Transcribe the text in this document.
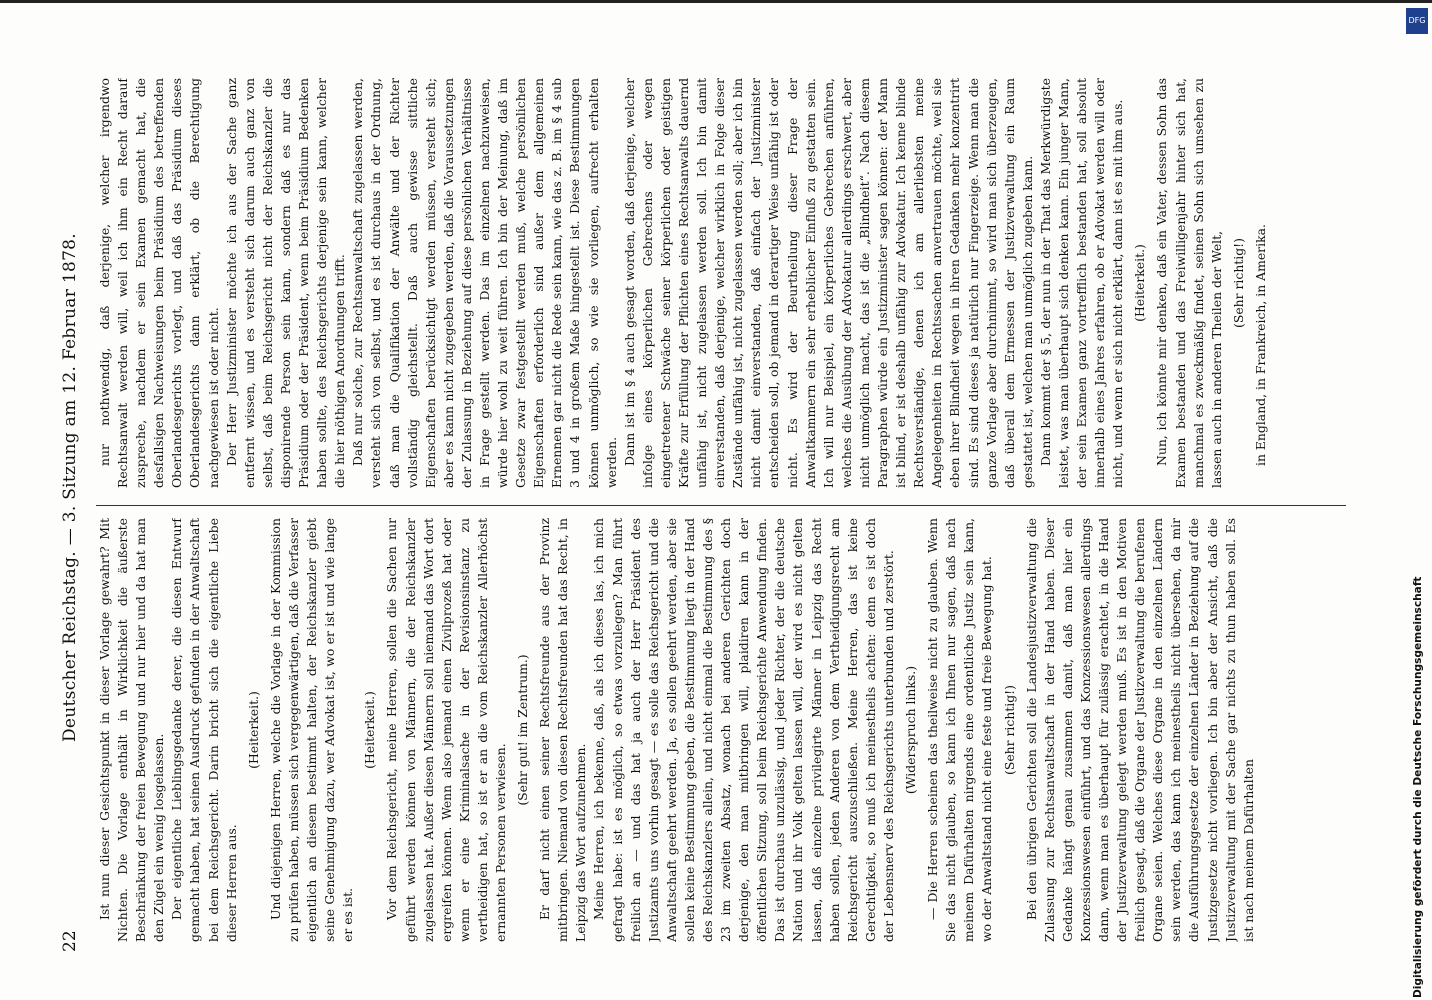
22
Deutscher Reichstag. — 3. Sitzung am 12. Februar 1878. Ist nun dieser Gesichtspunkt in dieser Vorlage gewahrt? Mit Nichten. Die Vorlage enthält in Wirklichkeit die äußerste Beschränkung der freien Bewegung und nur hier und da hat man den Zügel ein wenig losgelassen. Der eigentliche Lieblingsgedanke derer, die diesen Entwurf gemacht haben, hat seinen Ausdruck gefunden in der Anwaltschaft bei dem Reichsgericht. Darin bricht sich die eigentliche Liebe dieser Herren aus.

(Heiterkeit.) Und diejenigen Herren, welche die Vorlage in der Kommission zu prüfen haben, müssen sich vergegenwärtigen, daß die Verfasser eigentlich an diesem bestimmt halten, der Reichskanzler giebt seine Genehmigung dazu, wer Advokat ist, wo er ist und wie lange er es ist.

(Heiterkeit.) Vor dem Reichsgericht, meine Herren, sollen die Sachen nur geführt werden können von Männern, die der Reichskanzler zugelassen hat. Außer diesen Männern soll niemand das Wort dort ergreifen können. Wenn also jemand einen Zivilprozeß hat oder wenn er eine Kriminalsache in der Revisionsinstanz zu vertheidigen hat, so ist er an die vom Reichskanzler Allerhöchst ernannten Personen verwiesen.

(Sehr gut! im Zentrum.) Er darf nicht einen seiner Rechtsfreunde aus der Provinz mitbringen. Niemand von diesen Rechtsfreunden hat das Recht, in Leipzig das Wort aufzunehmen. Meine Herren, ich bekenne, daß, als ich dieses las, ich mich gefragt habe: ist es möglich, so etwas vorzulegen? Man führt freilich an — und das hat ja auch der Herr Präsident des Justizamts uns vorhin gesagt — es solle das Reichsgericht und die Anwaltschaft geehrt werden. Ja, es sollen geehrt werden, aber sie sollen keine Bestimmung geben, die Bestimmung liegt in der Hand des Reichskanzlers allein, und nicht einmal die Bestimmung des § 23 im zweiten Absatz, wonach bei anderen Gerichten doch derjenige, den man mitbringen will, plaidiren kann in der öffentlichen Sitzung, soll beim Reichsgerichte Anwendung finden. Das ist durchaus unzulässig, und jeder Richter, der die deutsche Nation und ihr Volk gelten lassen will, der wird es nicht gelten lassen, daß einzelne privilegirte Männer in Leipzig das Recht haben sollen, jeden Anderen von dem Vertheidigungsrecht am Reichsgericht auszuschließen. Meine Herren, das ist keine Gerechtigkeit, so muß ich meinestheils achten: denn es ist doch der Lebensnerv des Reichsgerichts unterbunden und zerstört. (Widerspruch links.) — Die Herren scheinen das theilweise nicht zu glauben. Wenn Sie das nicht glauben, so kann ich Ihnen nur sagen, daß nach meinem Dafürhalten nirgends eine ordentliche Justiz sein kann, wo der Anwaltstand nicht eine feste und freie Bewegung hat. (Sehr richtig!) Bei den übrigen Gerichten soll die Landesjustizverwaltung die Zulassung zur Rechtsanwaltschaft in der Hand haben. Dieser Gedanke hängt genau zusammen damit, daß man hier ein Konzessionswesen einführt, und das Konzessionswesen allerdings dann, wenn man es überhaupt für zulässig erachtet, in die Hand der Justizverwaltung gelegt werden muß. Es ist in den Motiven freilich gesagt, daß die Organe der Justizverwaltung die berufenen Organe seien. Welches diese Organe in den einzelnen Ländern sein werden, das kann ich meinestheils nicht übersehen, da mir die Ausführungsgesetze der einzelnen Länder in Beziehung auf die Justizgesetze nicht vorliegen. Ich bin aber der Ansicht, daß die Justizverwaltung mit der Sache gar nichts zu thun haben soll. Es ist nach meinem Dafürhalten

nur nothwendig, daß derjenige, welcher irgendwo Rechtsanwalt werden will, weil ich ihm ein Recht darauf zuspreche, nachdem er sein Examen gemacht hat, die desfallsigen Nachweisungen beim Präsidium des betreffenden Oberlandesgerichts vorlegt, und daß das Präsidium dieses Oberlandesgerichts dann erklärt, ob die Berechtigung nachgewiesen ist oder nicht. Der Herr Justizminister möchte ich aus der Sache ganz entfernt wissen, und es versteht sich darum auch ganz von selbst, daß beim Reichsgericht nicht der Reichskanzler die disponirende Person sein kann, sondern daß es nur das Präsidium oder der Präsident, wenn beim Präsidium Bedenken haben sollte, des Reichsgerichts derjenige sein kann, welcher die hier nöthigen Anordnungen trifft. Daß nur solche, zur Rechtsanwaltschaft zugelassen werden, versteht sich von selbst, und es ist durchaus in der Ordnung, daß man die Qualifikation der Anwälte und der Richter vollständig gleichstellt. Daß auch gewisse sittliche Eigenschaften berücksichtigt werden müssen, versteht sich; aber es kann nicht zugegeben werden, daß die Voraussetzungen der Zulassung in Beziehung auf diese persönlichen Verhältnisse in Frage gestellt werden. Das im einzelnen nachzuweisen, würde hier wohl zu weit führen. Ich bin der Meinung, daß im Gesetze zwar festgestellt werden muß, welche persönlichen Eigenschaften erforderlich sind außer dem allgemeinen Ernennen gar nicht die Rede sein kann, wie das z. B. im § 4 sub 3 und 4 in großem Maße hingestellt ist. Diese Bestimmungen können unmöglich, so wie sie vorliegen, aufrecht erhalten werden. Dann ist im § 4 auch gesagt worden, daß derjenige, welcher infolge eines körperlichen Gebrechens oder wegen eingetretener Schwäche seiner körperlichen oder geistigen Kräfte zur Erfüllung der Pflichten eines Rechtsanwalts dauernd unfähig ist, nicht zugelassen werden soll. Ich bin damit einverstanden, daß derjenige, welcher wirklich in Folge dieser Zustände unfähig ist, nicht zugelassen werden soll; aber ich bin nicht damit einverstanden, daß einfach der Justizminister entscheiden soll, ob jemand in derartiger Weise unfähig ist oder nicht. Es wird der Beurtheilung dieser Frage der Anwaltkammern ein sehr erheblicher Einfluß zu gestatten sein. Ich will nur Beispiel, ein körperliches Gebrechen anführen, welches die Ausübung der Advokatur allerdings erschwert, aber nicht unmöglich macht, das ist die „Blindheit“. Nach diesem Paragraphen würde ein Justizminister sagen können: der Mann ist blind, er ist deshalb unfähig zur Advokatur. Ich kenne blinde Rechtsverständige, denen ich am allerliebsten meine Angelegenheiten in Rechtssachen anvertrauen möchte, weil sie eben ihrer Blindheit wegen in ihren Gedanken mehr konzentrirt sind. Es sind dieses ja natürlich nur Fingerzeige. Wenn man die ganze Vorlage aber durchnimmt, so wird man sich überzeugen, daß überall dem Ermessen der Justizverwaltung ein Raum gestattet ist, welchen man unmöglich zugeben kann. Dann kommt der § 5, der nun in der That das Merkwürdigste leistet, was man überhaupt sich denken kann. Ein junger Mann, der sein Examen ganz vortrefflich bestanden hat, soll absolut innerhalb eines Jahres erfahren, ob er Advokat werden will oder nicht, und wenn er sich nicht erklärt, dann ist es mit ihm aus. (Heiterkeit.) Nun, ich könnte mir denken, daß ein Vater, dessen Sohn das Examen bestanden und das Freiwilligenjahr hinter sich hat, manchmal es zweckmäßig findet, seinen Sohn sich umsehen zu lassen auch in anderen Theilen der Welt, (Sehr richtig!) in England, in Frankreich, in Amerika.

Digitalisierung gefördert durch die Deutsche Forschungsgemeinschaft
DFG
